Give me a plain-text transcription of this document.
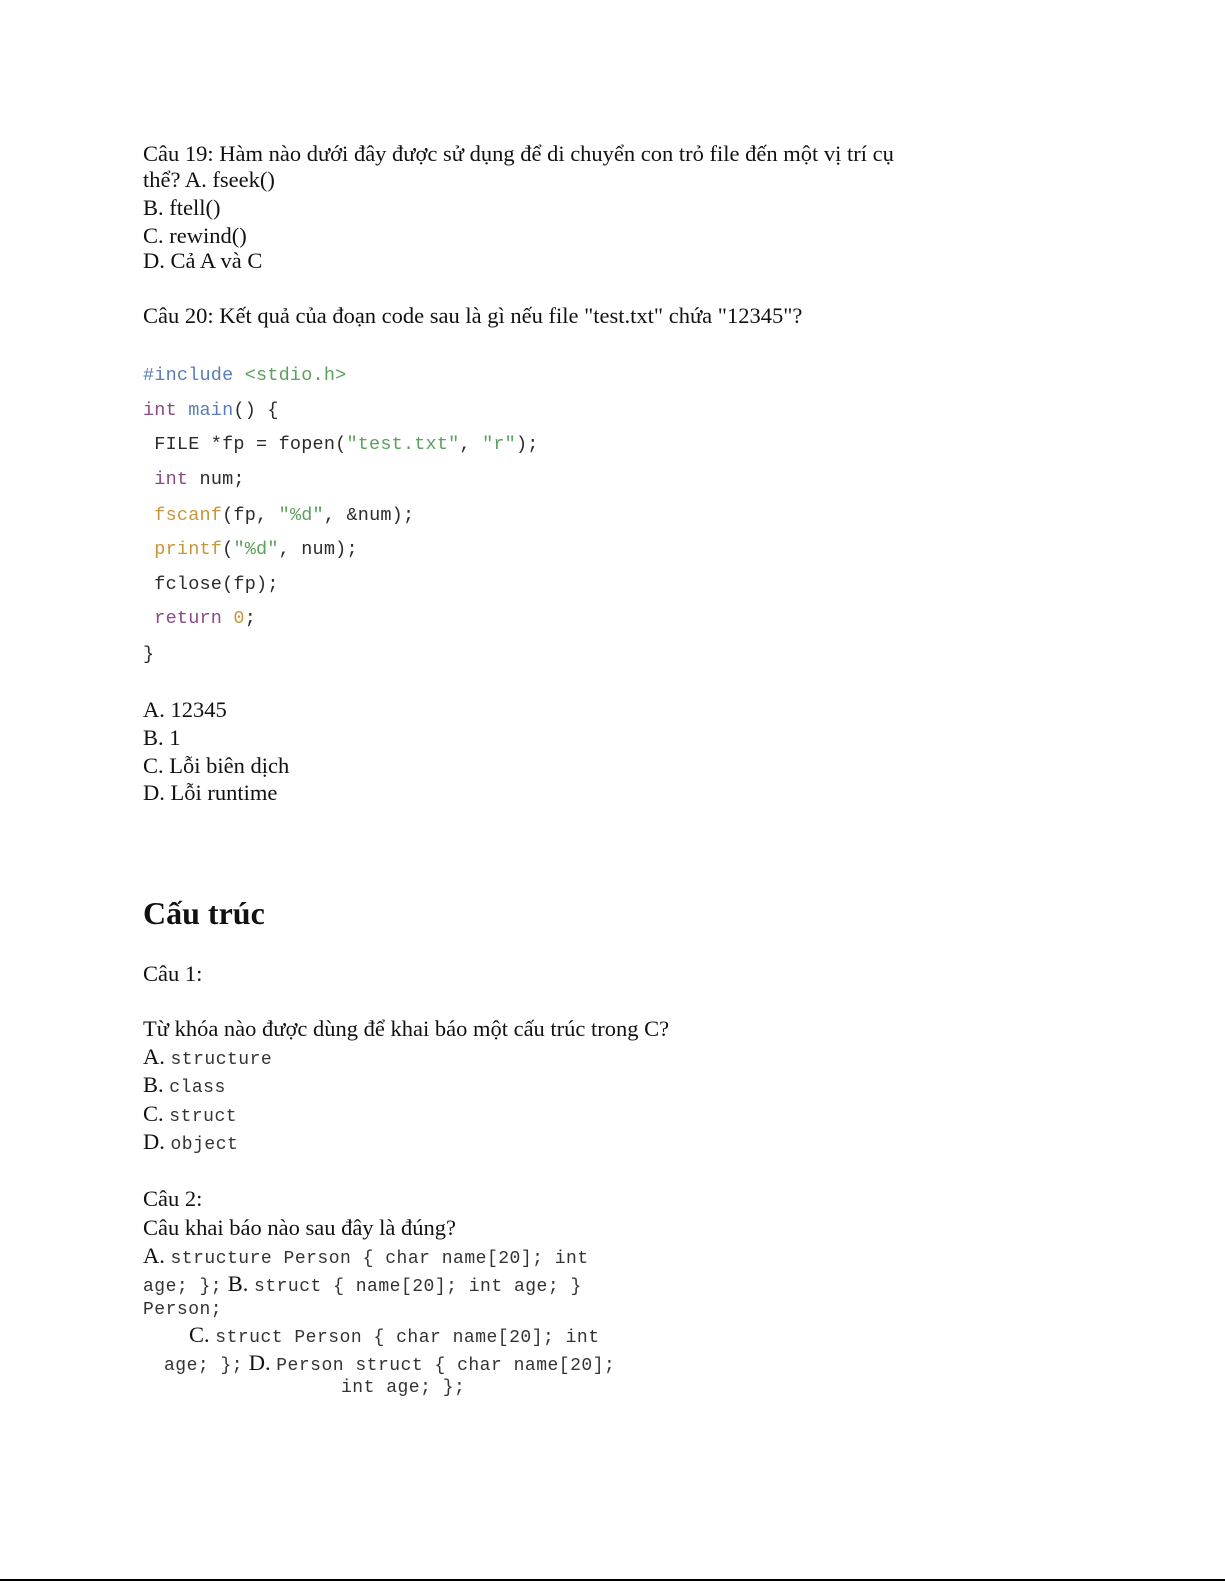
Câu 19: Hàm nào dưới đây được sử dụng để di chuyển con trỏ file đến một vị trí cụ

thể? A. fseek()

B. ftell()

C. rewind()

D. Cả A và C

Câu 20: Kết quả của đoạn code sau là gì nếu file "test.txt" chứa "12345"?

#include <stdio.h>
int main() {
FILE *fp = fopen("test.txt", "r");
int num;
fscanf(fp, "%d", &num);
printf("%d", num);
fclose(fp);
return 0;
}

A. 12345

B. 1

C. Lỗi biên dịch

D. Lỗi runtime

Cấu trúc

Câu 1:

Từ khóa nào được dùng để khai báo một cấu trúc trong C?

A. structure

B. class

C. struct

D. object

Câu 2:

Câu khai báo nào sau đây là đúng?

A. structure Person { char name[20]; int

age; }; B. struct { name[20]; int age; }

Person;

C. struct Person { char name[20]; int

age; }; D. Person struct { char name[20];

int age; };
